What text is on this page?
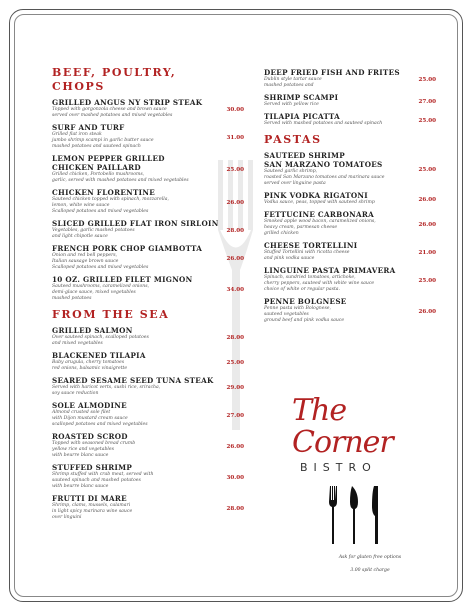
BEEF, POULTRY, CHOPS
GRILLED ANGUS NY STRIP STEAK
Topped with gorgonzola cheese and brown sauce
served over mashed potatoes and mixed vegetables
30.00
SURF AND TURF
Grilled flat iron steak
jumbo shrimp scampi in garlic butter sauce
mashed potatoes and sauteed spinach
31.00
LEMON PEPPER GRILLED
CHICKEN PAILLARD
Grilled chicken, Portobello mushrooms,
garlic, served with mashed potatoes and mixed vegetables
25.00
CHICKEN FLORENTINE
Sauteed chicken topped with spinach, mozzarella,
lemon, white wine sauce
Scalloped potatoes and mixed vegetables
26.00
SLICED GRILLED FLAT IRON SIRLOIN
Vegetables, garlic mashed potatoes
and light chipotle sauce
28.00
FRENCH PORK CHOP GIAMBOTTA
Onion and red bell peppers,
Italian sausage brown sauce
Scalloped potatoes and mixed vegetables
26.00
10 OZ. GRILLED FILET MIGNON
Sauteed mushrooms, caramelized onions,
demi-glace sauce, mixed vegetables
mashed potatoes
34.00
FROM THE SEA
GRILLED SALMON
Over sauteed spinach, scalloped potatoes
and mixed vegetables
28.00
BLACKENED TILAPIA
Baby arugula, cherry tomatoes
red onions, balsamic vinaigrette
25.00
SEARED SESAME SEED TUNA STEAK
Served with haricot verts, sushi rice, sriracha,
soy sauce reduction
29.00
SOLE ALMODINE
Almond crusted sole filet
with Dijon mustard cream sauce
scalloped potatoes and mixed vegetables
27.00
ROASTED SCROD
Topped with seasoned bread crumb
yellow rice and vegetables
with beurre blanc sauce
26.00
STUFFED SHRIMP
Shrimp stuffed with crab meat, served with
sauteed spinach and mashed potatoes
with beurre blanc sauce
30.00
FRUTTI DI MARE
Shrimp, clams, mussels, calamari
in light spicy marinara wine sauce
over linguini
28.00
DEEP FRIED FISH AND FRITES
Dublin style tartar sauce
mashed potatoes and
25.00
SHRIMP SCAMPI
Served with yellow rice	27.00
TILAPIA PICATTA
Served with mashed potatoes and sauteed spinach	25.00
PASTAS
SAUTEED SHRIMP
SAN MARZANO TOMATOES
Sauteed garlic shrimp,
roasted San Marzano tomatoes and marinara sauce
served over linguine pasta
25.00
PINK VODKA RIGATONI
Vodka sauce, peas, topped with sauteed shrimp	26.00
FETTUCINE CARBONARA
Smoked apple wood bacon, caramelized onions,
heavy cream, parmesan cheese
grilled chicken
26.00
CHEESE TORTELLINI
Stuffed Tortellini with ricotta cheese
and pink vodka sauce
21.00
LINGUINE PASTA PRIMAVERA
Spinach, sundried tomatoes, artichoke,
cherry peppers, sauteed with white wine sauce
choice of white or regular pasta.
25.00
PENNE BOLGNESE
Penne pasta with Bolognese,
sauteed vegetables
ground beef and pink vodka sauce
26.00
The Corner
BISTRO
Ask for gluten free options
3.00 split charge
